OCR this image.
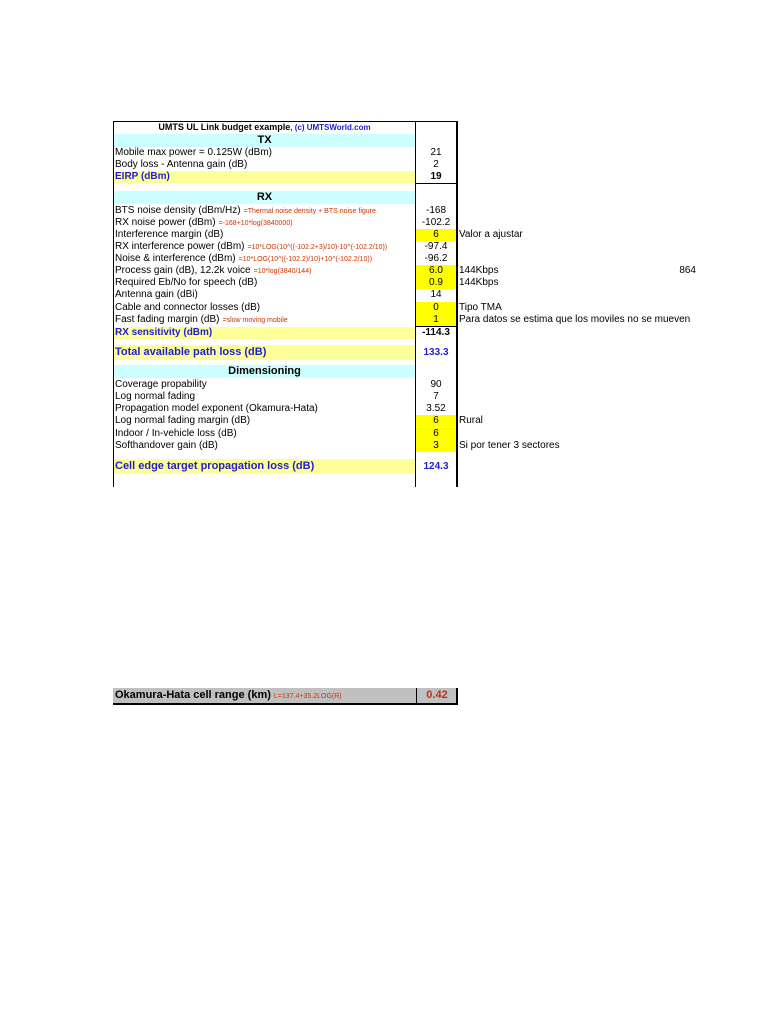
UMTS UL Link budget example, (c) UMTSWorld.com
TX
Mobile max power = 0.125W (dBm)	21
Body loss - Antenna gain (dB)	2
EIRP (dBm)	19
RX
BTS noise density (dBm/Hz) =Thermal noise density + BTS noise figure	-168
RX noise power (dBm) =-168+10*log(3840000)	-102.2
Interference margin (dB)	6	Valor a ajustar
RX interference power (dBm) =10*LOG(10^((-102.2+3)/10)-10^(-102.2/10))	-97.4
Noise & interference (dBm) =10*LOG(10^((-102.2)/10)+10^(-102.2/10))	-96.2
Process gain (dB), 12.2k voice =10*log(3840/144)	6.0	144Kbps	864
Required Eb/No for speech (dB)	0.9	144Kbps
Antenna gain (dBi)	14
Cable and connector losses (dB)	0	Tipo TMA
Fast fading margin (dB) =slow moving mobile	1	Para datos se estima que los moviles no se mueven
RX sensitivity (dBm)	-114.3
Total available path loss (dB)	133.3
Dimensioning
Coverage propability	90
Log normal fading	7
Propagation model exponent (Okamura-Hata)	3.52
Log normal fading margin (dB)	6	Rural
Indoor / In-vehicle loss (dB)	6
Softhandover gain (dB)	3	Si por tener 3 sectores
Cell edge target propagation loss (dB)	124.3
Okamura-Hata cell range (km) L=137.4+35.2LOG(R)	0.42
